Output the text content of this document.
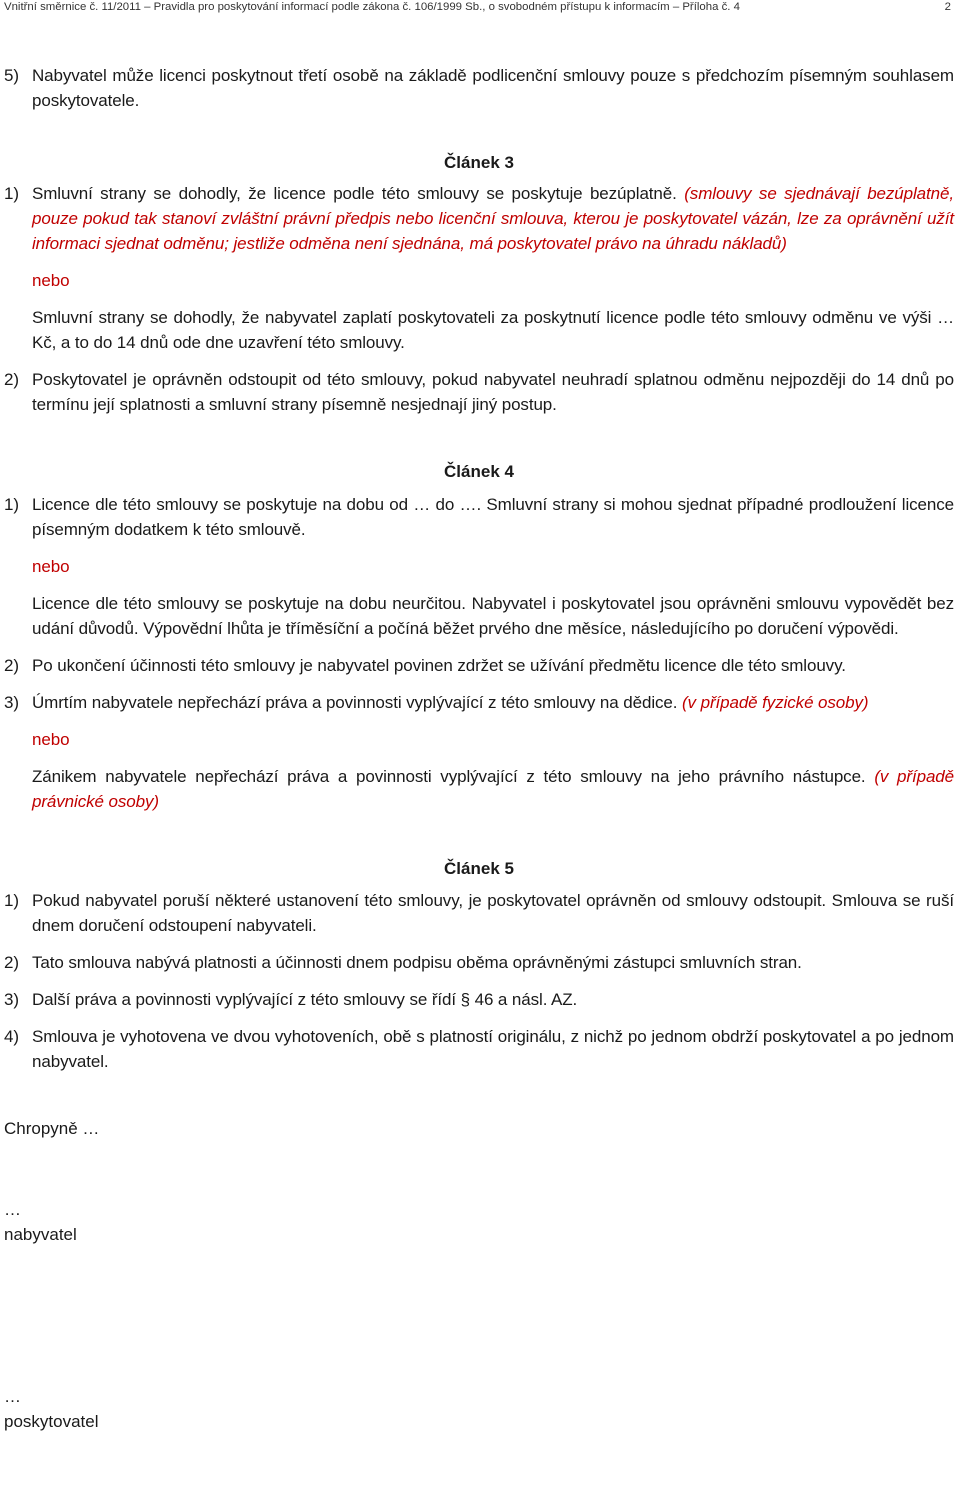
Vnitřní směrnice č. 11/2011 – Pravidla pro poskytování informací podle zákona č. 106/1999 Sb., o svobodném přístupu k informacím – Příloha č. 4	2

5) Nabyvatel může licenci poskytnout třetí osobě na základě podlicenční smlouvy pouze s předchozím písemným souhlasem poskytovatele.

Článek 3

1) Smluvní strany se dohodly, že licence podle této smlouvy se poskytuje bezúplatně. (smlouvy se sjednávají bezúplatně, pouze pokud tak stanoví zvláštní právní předpis nebo licenční smlouva, kterou je poskytovatel vázán, lze za oprávnění užít informaci sjednat odměnu; jestliže odměna není sjednána, má poskytovatel právo na úhradu nákladů)

nebo

Smluvní strany se dohodly, že nabyvatel zaplatí poskytovateli za poskytnutí licence podle této smlouvy odměnu ve výši … Kč, a to do 14 dnů ode dne uzavření této smlouvy.

2) Poskytovatel je oprávněn odstoupit od této smlouvy, pokud nabyvatel neuhradí splatnou odměnu nejpozději do 14 dnů po termínu její splatnosti a smluvní strany písemně nesjednají jiný postup.

Článek 4

1) Licence dle této smlouvy se poskytuje na dobu od … do …. Smluvní strany si mohou sjednat případné prodloužení licence písemným dodatkem k této smlouvě.

nebo

Licence dle této smlouvy se poskytuje na dobu neurčitou. Nabyvatel i poskytovatel jsou oprávněni smlouvu vypovědět bez udání důvodů. Výpovědní lhůta je tříměsíční a počíná běžet prvého dne měsíce, následujícího po doručení výpovědi.

2) Po ukončení účinnosti této smlouvy je nabyvatel povinen zdržet se užívání předmětu licence dle této smlouvy.

3) Úmrtím nabyvatele nepřechází práva a povinnosti vyplývající z této smlouvy na dědice. (v případě fyzické osoby)

nebo

Zánikem nabyvatele nepřechází práva a povinnosti vyplývající z této smlouvy na jeho právního nástupce. (v případě právnické osoby)

Článek 5

1) Pokud nabyvatel poruší některé ustanovení této smlouvy, je poskytovatel oprávněn od smlouvy odstoupit. Smlouva se ruší dnem doručení odstoupení nabyvateli.

2) Tato smlouva nabývá platnosti a účinnosti dnem podpisu oběma oprávněnými zástupci smluvních stran.

3) Další práva a povinnosti vyplývající z této smlouvy se řídí § 46 a násl. AZ.

4) Smlouva je vyhotovena ve dvou vyhotoveních, obě s platností originálu, z nichž po jednom obdrží poskytovatel a po jednom nabyvatel.

Chropyně …

…

nabyvatel

…

poskytovatel
